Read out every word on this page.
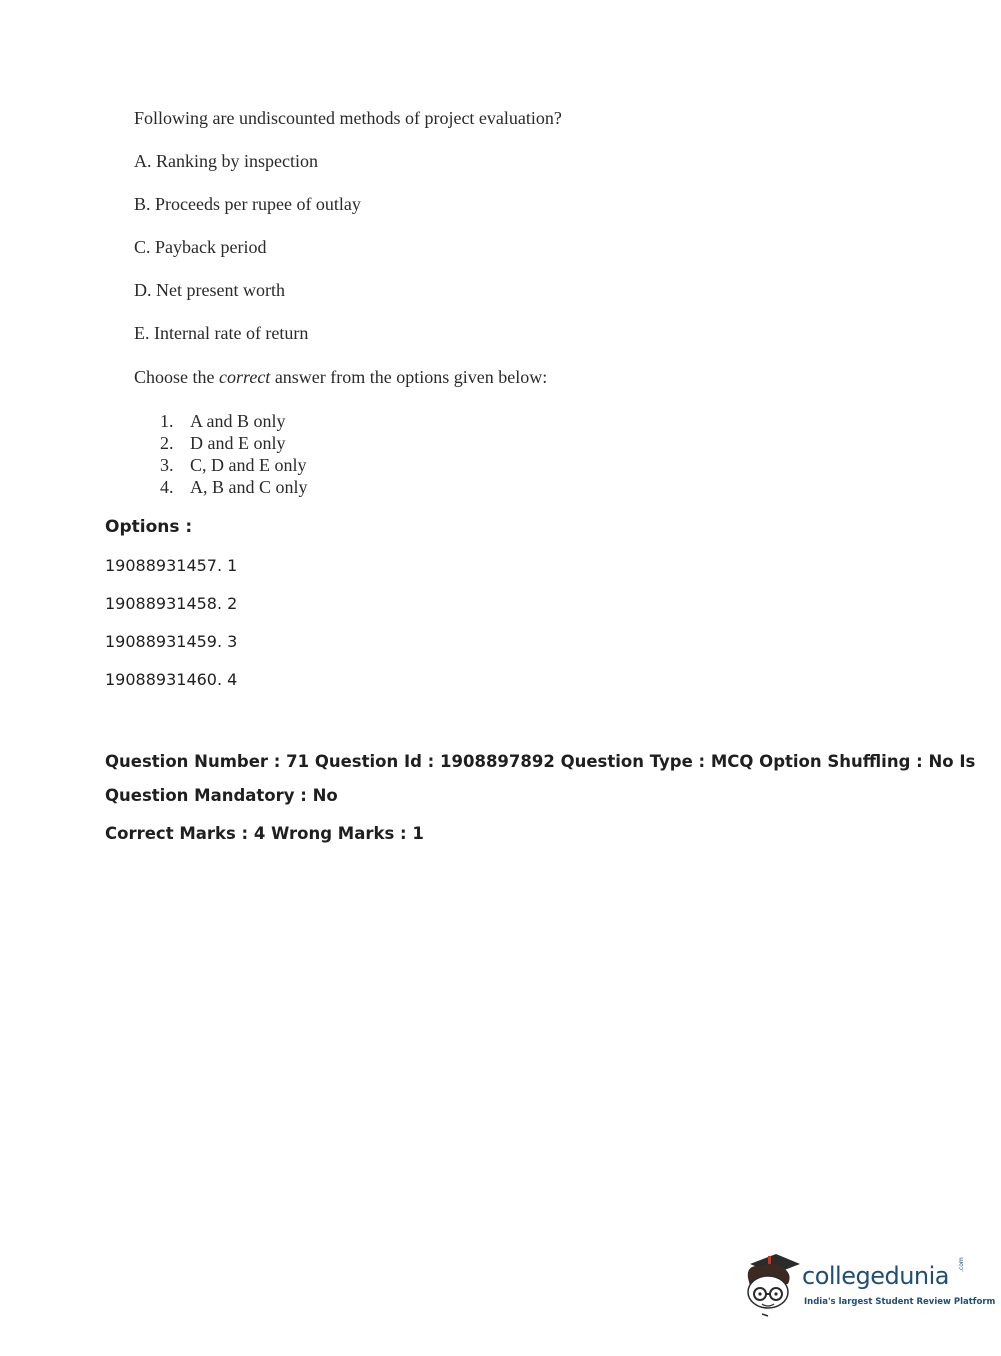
Following are undiscounted methods of project evaluation?
A. Ranking by inspection
B. Proceeds per rupee of outlay
C. Payback period
D. Net present worth
E. Internal rate of return
Choose the correct answer from the options given below:
1. A and B only
2. D and E only
3. C, D and E only
4. A, B and C only
Options :
19088931457. 1
19088931458. 2
19088931459. 3
19088931460. 4
Question Number : 71 Question Id : 1908897892 Question Type : MCQ Option Shuffling : No Is
Question Mandatory : No
Correct Marks : 4 Wrong Marks : 1
collegedunia .com
India's largest Student Review Platform
